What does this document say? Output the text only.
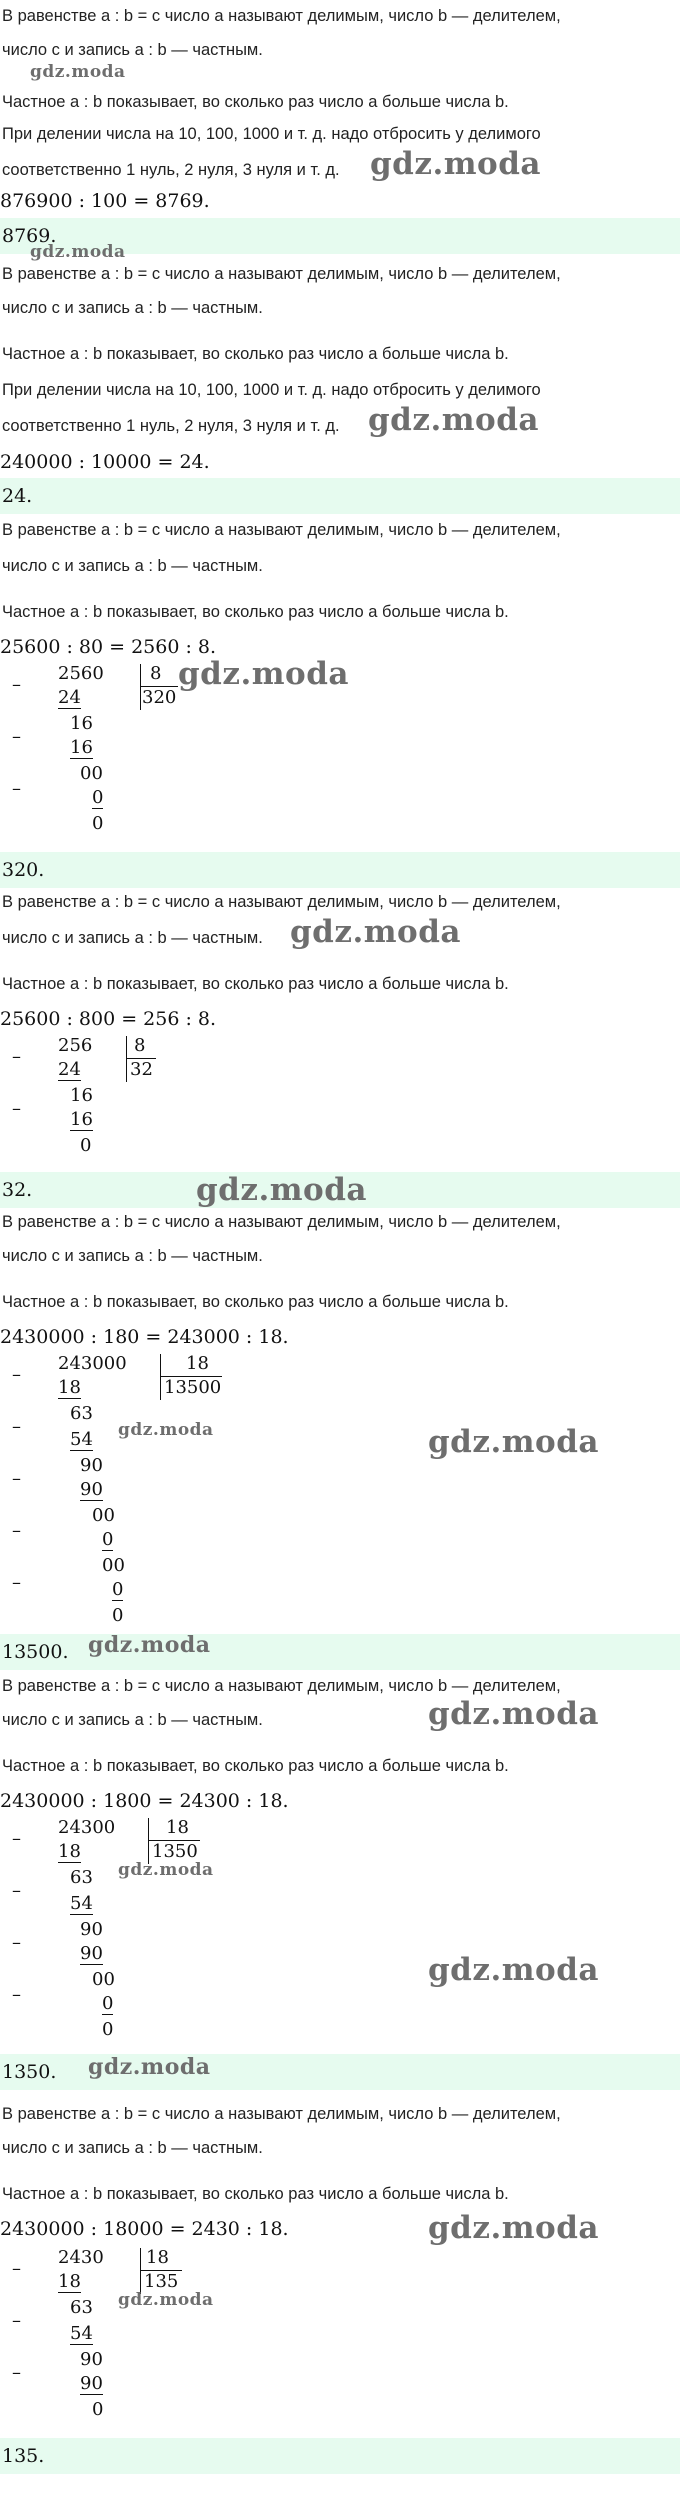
В равенстве a : b = c число a называют делимым, число b — делителем,
число c и запись a : b — частным.
gdz.moda
Частное a : b показывает, во сколько раз число a больше числа b.
При делении числа на 10, 100, 1000 и т. д. надо отбросить у делимого
соответственно 1 нуль, 2 нуля, 3 нуля и т. д. gdz.moda
876900 : 100 = 8769.
8769.
gdz.moda
В равенстве a : b = c число a называют делимым, число b — делителем,
число c и запись a : b — частным.
Частное a : b показывает, во сколько раз число a больше числа b.
При делении числа на 10, 100, 1000 и т. д. надо отбросить у делимого
соответственно 1 нуль, 2 нуля, 3 нуля и т. д. gdz.moda
240000 : 10000 = 24.
24.
В равенстве a : b = c число a называют делимым, число b — делителем,
число c и запись a : b — частным.
Частное a : b показывает, во сколько раз число a больше числа b.
25600 : 80 = 2560 : 8.
–
–
–
2560	8
320
24
16
16
00
0
0
gdz.moda
320.
В равенстве a : b = c число a называют делимым, число b — делителем,
число c и запись a : b — частным. gdz.moda
Частное a : b показывает, во сколько раз число a больше числа b.
25600 : 800 = 256 : 8.
–
–
256 8
32
24
16
16
0
32.	gdz.moda
В равенстве a : b = c число a называют делимым, число b — делителем,
число c и запись a : b — частным.
Частное a : b показывает, во сколько раз число a больше числа b.
2430000 : 180 = 243000 : 18.
–
–
–
–
–
243000	18
13500
18
63
54
90
90
00
0
00
0
0
gdz.moda	gdz.moda
13500. gdz.moda
В равенстве a : b = c число a называют делимым, число b — делителем,
число c и запись a : b — частным.	gdz.moda
Частное a : b показывает, во сколько раз число a больше числа b.
2430000 : 1800 = 24300 : 18.
–
–
–
–
24300	18
1350
18
63
54
90
90
00
0
0
gdz.moda
gdz.moda
1350.	gdz.moda
В равенстве a : b = c число a называют делимым, число b — делителем,
число c и запись a : b — частным.
Частное a : b показывает, во сколько раз число a больше числа b.
2430000 : 18000 = 2430 : 18.	gdz.moda
–
–
–
2430 18
135
18
63
54
90
90
0
gdz.moda
135.
